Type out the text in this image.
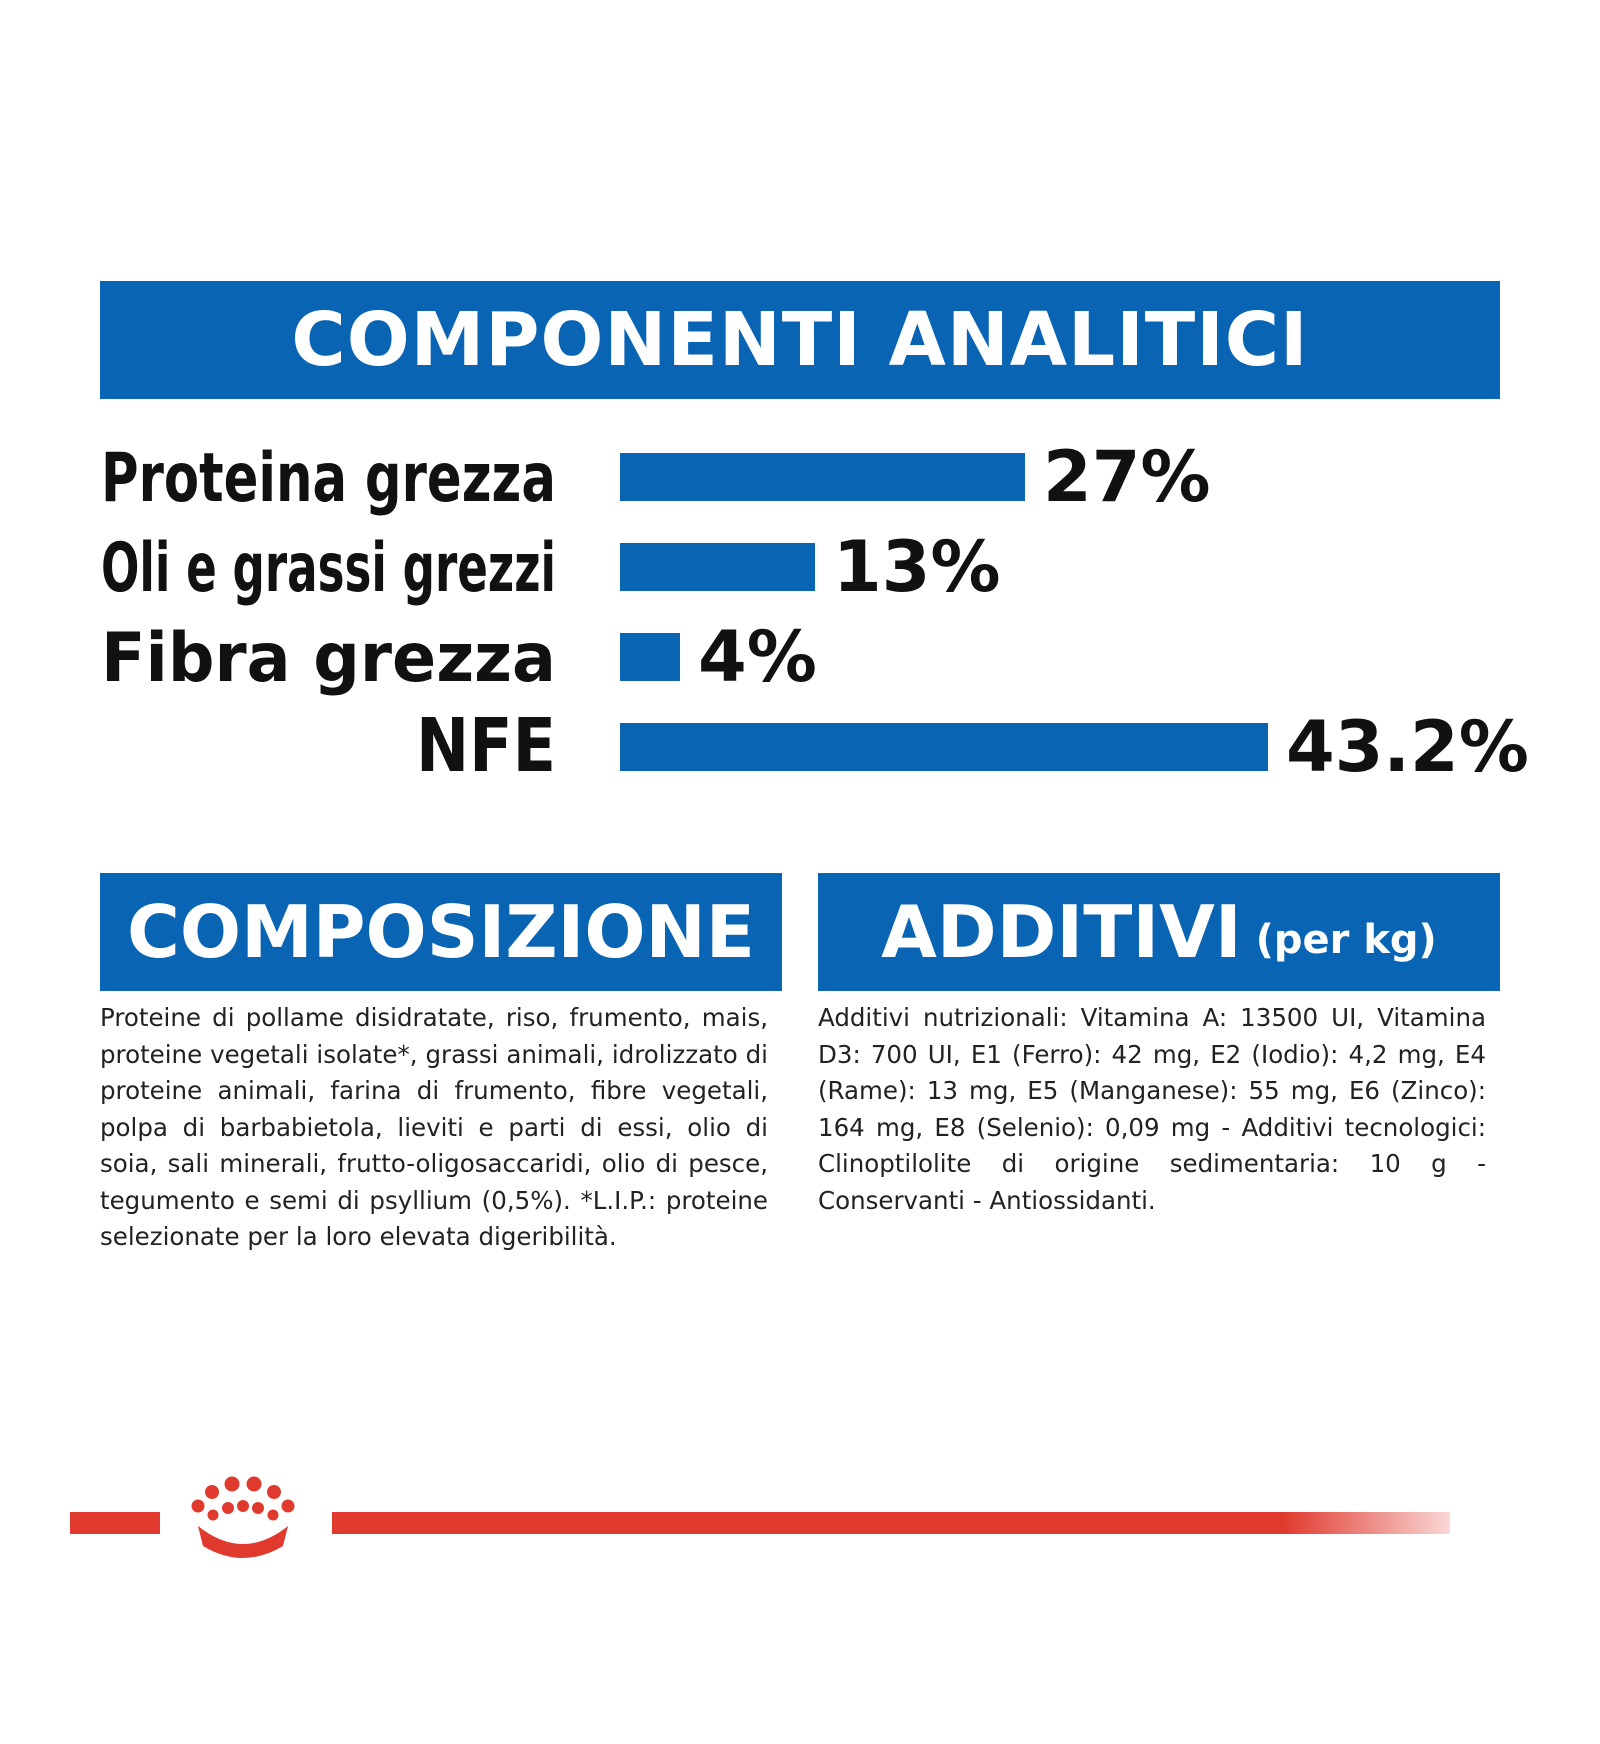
COMPONENTI ANALITICI
Proteina grezza	27%
Oli e grassi grezzi	13%
Fibra grezza 4%
NFE	43.2%
COMPOSIZIONE ADDITIVI (per kg)

Proteine di pollame disidratate, riso, frumento, mais, proteine vegetali isolate*, grassi animali, idrolizzato di proteine animali, farina di frumento, fibre vegetali, polpa di barbabietola, lieviti e parti di essi, olio di soia, sali minerali, frutto-oligosaccaridi, olio di pesce, tegumento e semi di psyllium (0,5%). *L.I.P.: proteine selezionate per la loro elevata digeribilità.

Additivi nutrizionali: Vitamina A: 13500 UI, Vitamina D3: 700 UI, E1 (Ferro): 42 mg, E2 (Iodio): 4,2 mg, E4 (Rame): 13 mg, E5 (Manganese): 55 mg, E6 (Zinco): 164 mg, E8 (Selenio): 0,09 mg - Additivi tecnologici: Clinoptilolite di origine sedimentaria: 10 g - Conservanti - Antiossidanti.
